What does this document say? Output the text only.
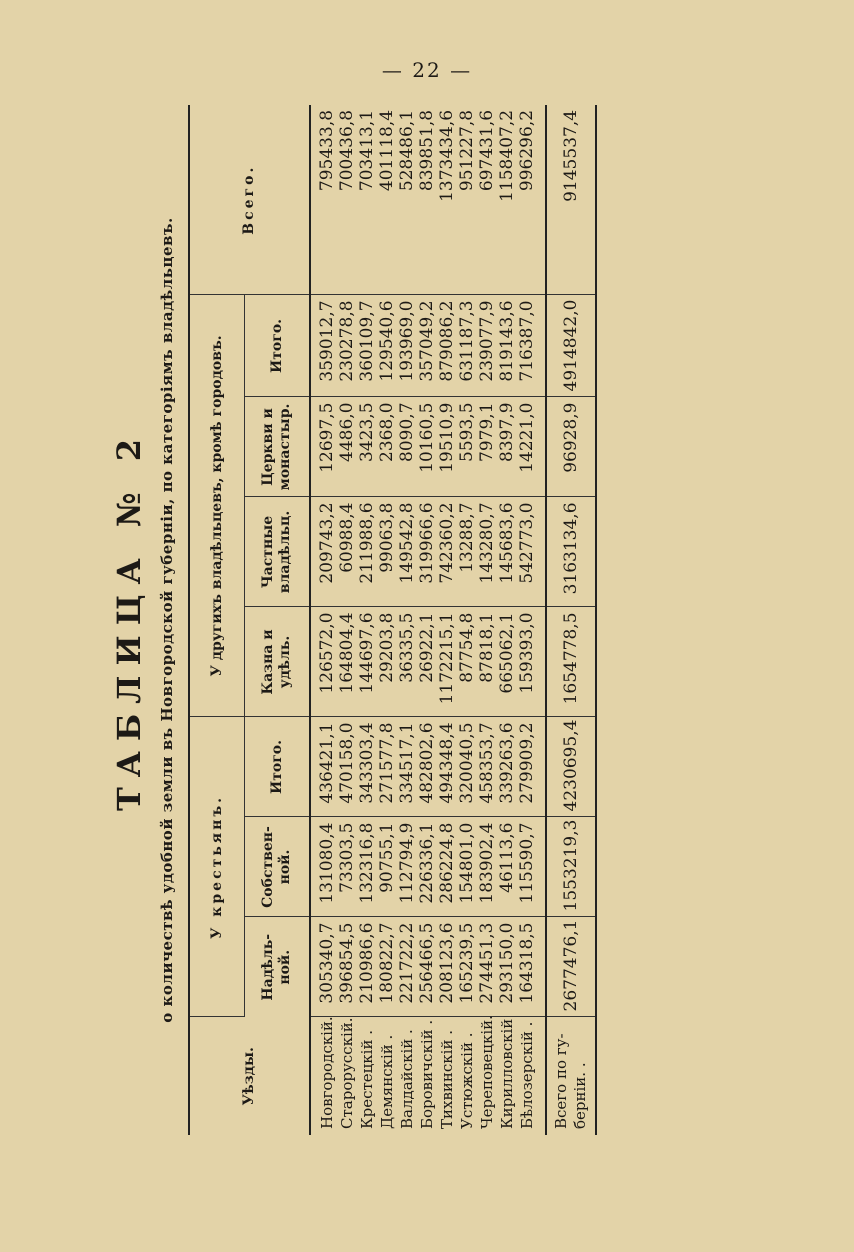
— 22 —
ТАБЛИЦА № 2 о количествѣ удобной земли въ Новгородской губерніи, по категоріямъ владѣльцевъ.
Уѣзды.	У крестьянъ.			У другихъ владѣльцевъ, кромѣ городовъ.				Всего.
	Надѣль-ной.	Собствен-ной.	Итого.	Казна и удѣль.	Частные владѣльц.	Церкви и монастыр.	Итого.	
Новгородскій.	305340,7	131080,4	436421,1	126572,0	209743,2	12697,5	359012,7	795433,8
Старорусскій.	396854,5	73303,5	470158,0	164804,4	60988,4	4486,0	230278,8	700436,8
Крестецкій .	210986,6	132316,8	343303,4	144697,6	211988,6	3423,5	360109,7	703413,1
Демянскій .	180822,7	90755,1	271577,8	29203,8	99063,8	2368,0	129540,6	401118,4
Валдайскій .	221722,2	112794,9	334517,1	36335,5	149542,8	8090,7	193969,0	528486,1
Боровичскій .	256466,5	226336,1	482802,6	26922,1	319966,6	10160,5	357049,2	839851,8
Тихвинскій .	208123,6	286224,8	494348,4	1172215,1	742360,2	19510,9	879086,2	1373434,6
Устюжскій .	165239,5	154801,0	320040,5	87754,8	13288,7	5593,5	631187,3	951227,8
Череповецкій.	274451,3	183902,4	458353,7	87818,1	143280,7	7979,1	239077,9	697431,6
Кирилловскій	293150,0	46113,6	339263,6	665062,1	145683,6	8397,9	819143,6	1158407,2
Бѣлозерскій .	164318,5	115590,7	279909,2	159393,0	542773,0	14221,0	716387,0	996296,2
Всего по гу-берніи. .	2677476,1	1553219,3	4230695,4	1654778,5	3163134,6	96928,9	4914842,0	9145537,4
